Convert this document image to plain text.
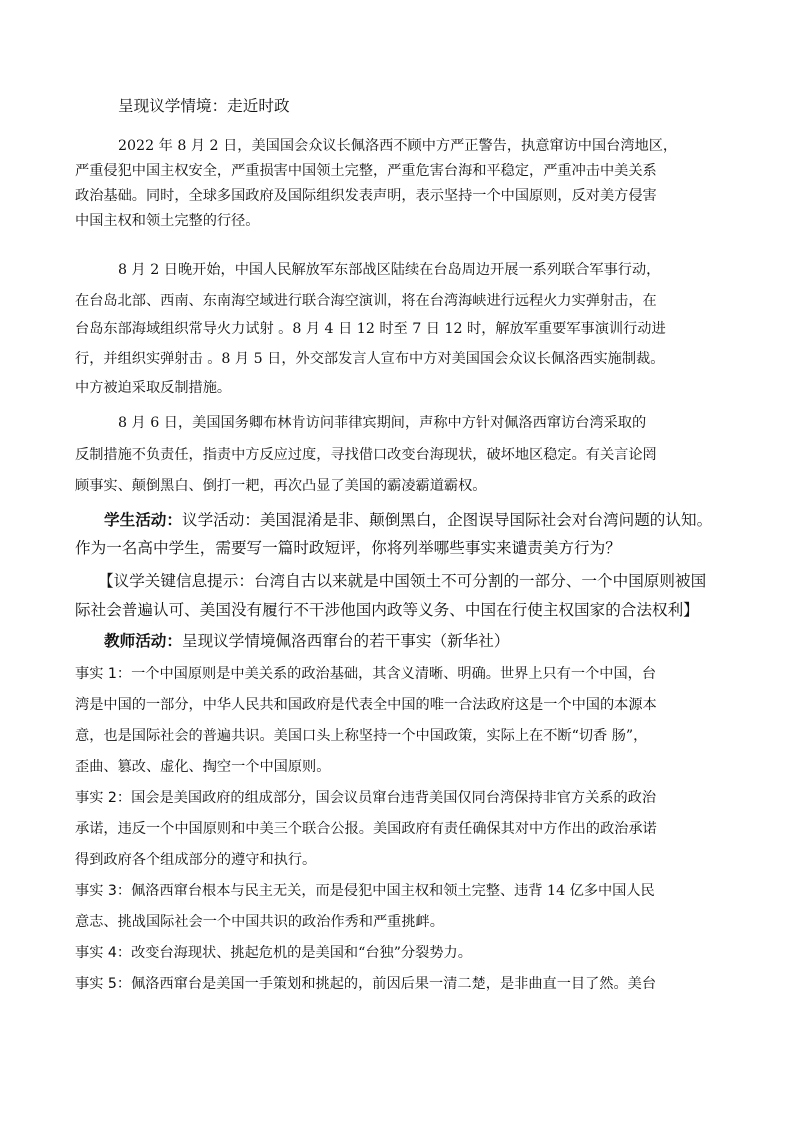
呈现议学情境：走近时政
2022 年 8 月 2 日，美国国会众议长佩洛西不顾中方严正警告，执意窜访中国台湾地区，
严重侵犯中国主权安全，严重损害中国领土完整，严重危害台海和平稳定，严重冲击中美关系
政治基础。同时，全球多国政府及国际组织发表声明，表示坚持一个中国原则，反对美方侵害
中国主权和领土完整的行径。
8 月 2 日晚开始，中国人民解放军东部战区陆续在台岛周边开展一系列联合军事行动，
在台岛北部、西南、东南海空域进行联合海空演训，将在台湾海峡进行远程火力实弹射击，在
台岛东部海域组织常导火力试射 。8 月 4 日 12 时至 7 日 12 时，解放军重要军事演训行动进
行，并组织实弹射击 。8 月 5 日，外交部发言人宣布中方对美国国会众议长佩洛西实施制裁。
中方被迫采取反制措施。
8 月 6 日，美国国务卿布林肯访问菲律宾期间，声称中方针对佩洛西窜访台湾采取的
反制措施不负责任，指责中方反应过度，寻找借口改变台海现状，破坏地区稳定。有关言论罔
顾事实、颠倒黑白、倒打一耙，再次凸显了美国的霸凌霸道霸权。
学生活动：议学活动：美国混淆是非、颠倒黑白，企图误导国际社会对台湾问题的认知。
作为一名高中学生，需要写一篇时政短评，你将列举哪些事实来谴责美方行为？
【议学关键信息提示：台湾自古以来就是中国领土不可分割的一部分、一个中国原则被国
际社会普遍认可、美国没有履行不干涉他国内政等义务、中国在行使主权国家的合法权利】
教师活动：呈现议学情境佩洛西窜台的若干事实（新华社）
事实 1：一个中国原则是中美关系的政治基础，其含义清晰、明确。世界上只有一个中国，台
湾是中国的一部分，中华人民共和国政府是代表全中国的唯一合法政府这是一个中国的本源本
意，也是国际社会的普遍共识。美国口头上称坚持一个中国政策，实际上在不断“切香 肠”，
歪曲、篡改、虚化、掏空一个中国原则。
事实 2：国会是美国政府的组成部分，国会议员窜台违背美国仅同台湾保持非官方关系的政治
承诺，违反一个中国原则和中美三个联合公报。美国政府有责任确保其对中方作出的政治承诺
得到政府各个组成部分的遵守和执行。
事实 3：佩洛西窜台根本与民主无关，而是侵犯中国主权和领土完整、违背 14 亿多中国人民
意志、挑战国际社会一个中国共识的政治作秀和严重挑衅。
事实 4：改变台海现状、挑起危机的是美国和“台独”分裂势力。
事实 5：佩洛西窜台是美国一手策划和挑起的，前因后果一清二楚，是非曲直一目了然。美台
